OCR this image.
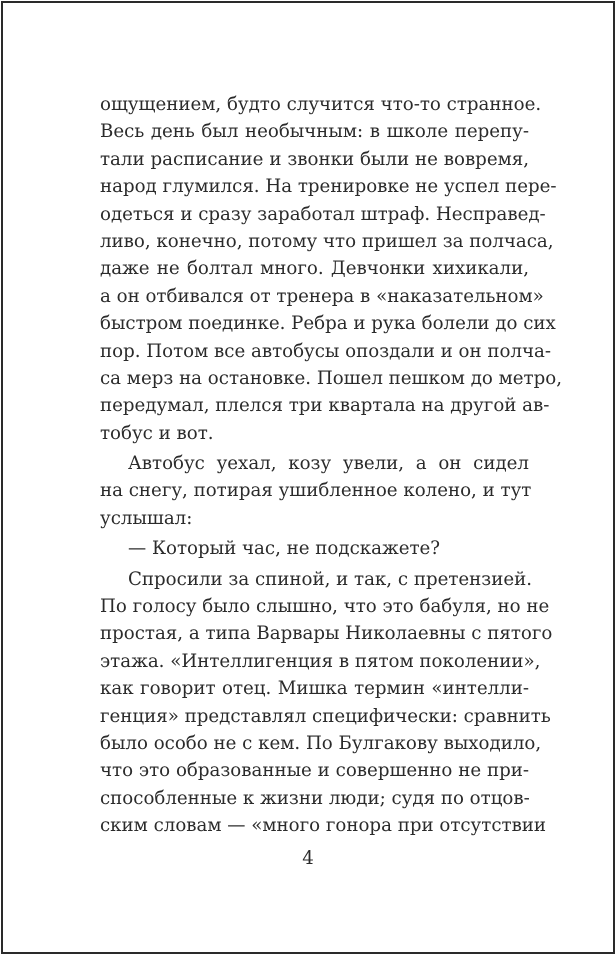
ощущением, будто случится что-то странное.
Весь день был необычным: в школе перепу-
тали расписание и звонки были не вовремя,
народ глумился. На тренировке не успел пере-
одеться и сразу заработал штраф. Несправед-
ливо, конечно, потому что пришел за полчаса,
даже не болтал много. Девчонки хихикали,
а он отбивался от тренера в «наказательном»
быстром поединке. Ребра и рука болели до сих
пор. Потом все автобусы опоздали и он полча-
са мерз на остановке. Пошел пешком до метро,
передумал, плелся три квартала на другой ав-
тобус и вот.
Автобус уехал, козу увели, а он сидел
на снегу, потирая ушибленное колено, и тут
услышал:
— Который час, не подскажете?
Спросили за спиной, и так, с претензией.
По голосу было слышно, что это бабуля, но не
простая, а типа Варвары Николаевны с пятого
этажа. «Интеллигенция в пятом поколении»,
как говорит отец. Мишка термин «интелли-
генция» представлял специфически: сравнить
было особо не с кем. По Булгакову выходило,
что это образованные и совершенно не при-
способленные к жизни люди; судя по отцов-
ским словам — «много гонора при отсутствии
4
